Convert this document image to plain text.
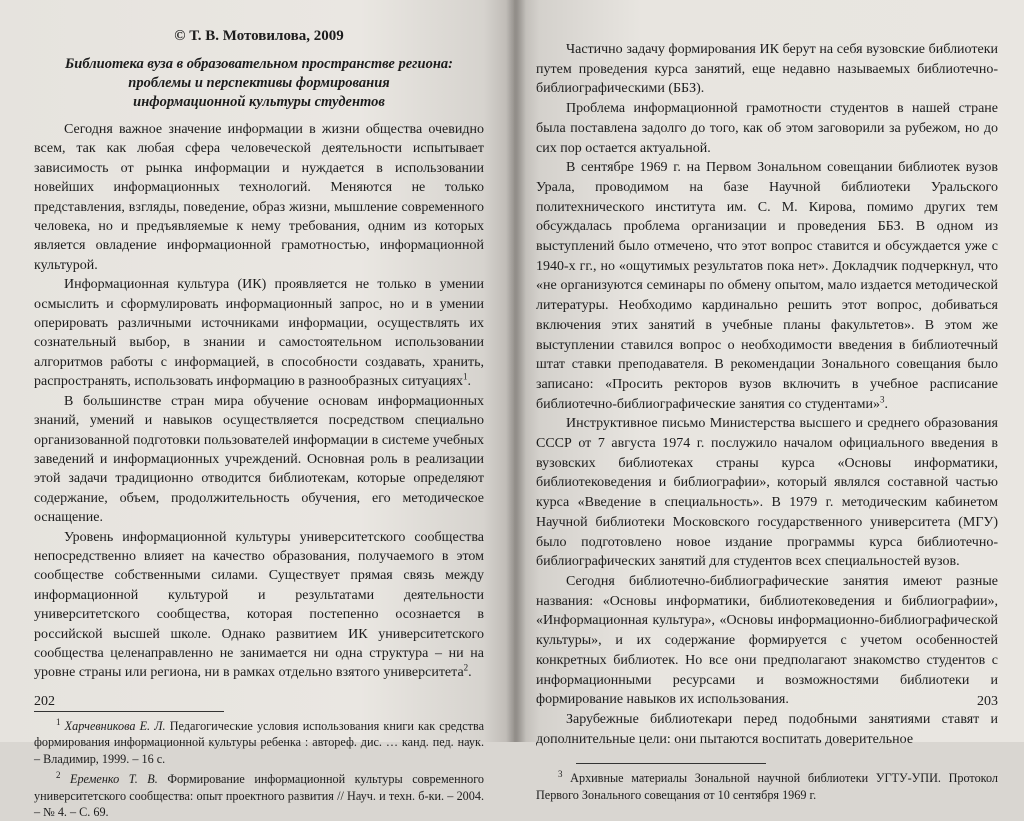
© Т. В. Мотовилова, 2009
Библиотека вуза в образовательном пространстве региона:
проблемы и перспективы формирования
информационной культуры студентов

Сегодня важное значение информации в жизни общества очевидно всем, так как любая сфера человеческой деятельности испытывает зависимость от рынка информации и нуждается в использовании новейших информационных технологий. Меняются не только представления, взгляды, поведение, образ жизни, мышление современного человека, но и предъявляемые к нему требования, одним из которых является овладение информационной грамотностью, информационной культурой.

Информационная культура (ИК) проявляется не только в умении осмыслить и сформулировать информационный запрос, но и в умении оперировать различными источниками информации, осуществлять их сознательный выбор, в знании и самостоятельном использовании алгоритмов работы с информацией, в способности создавать, хранить, распространять, использовать информацию в разнообразных ситуациях$^1$.

В большинстве стран мира обучение основам информационных знаний, умений и навыков осуществляется посредством специально организованной подготовки пользователей информации в системе учебных заведений и информационных учреждений. Основная роль в реализации этой задачи традиционно отводится библиотекам, которые определяют содержание, объем, продолжительность обучения, его методическое оснащение.

Уровень информационной культуры университетского сообщества непосредственно влияет на качество образования, получаемого в этом сообществе собственными силами. Существует прямая связь между информационной культурой и результатами деятельности университетского сообщества, которая постепенно осознается в российской высшей школе. Однако развитием ИК университетского сообщества целенаправленно не занимается ни одна структура – ни на уровне страны или региона, ни в рамках отдельно взятого университета$^2$.

$^1$ Харчевникова Е. Л. Педагогические условия использования книги как средства формирования информационной культуры ребенка : автореф. дис. … канд. пед. наук. – Владимир, 1999. – 16 с.
$^2$ Еременко Т. В. Формирование информационной культуры современного университетского сообщества: опыт проектного развития // Науч. и техн. б-ки. – 2004. – № 4. – С. 69.
202

Частично задачу формирования ИК берут на себя вузовские библиотеки путем проведения курса занятий, еще недавно называемых библиотечно-библиографическими (ББЗ).

Проблема информационной грамотности студентов в нашей стране была поставлена задолго до того, как об этом заговорили за рубежом, но до сих пор остается актуальной.

В сентябре 1969 г. на Первом Зональном совещании библиотек вузов Урала, проводимом на базе Научной библиотеки Уральского политехнического института им. С. М. Кирова, помимо других тем обсуждалась проблема организации и проведения ББЗ. В одном из выступлений было отмечено, что этот вопрос ставится и обсуждается уже с 1940-х гг., но «ощутимых результатов пока нет». Докладчик подчеркнул, что «не организуются семинары по обмену опытом, мало издается методической литературы. Необходимо кардинально решить этот вопрос, добиваться включения этих занятий в учебные планы факультетов». В этом же выступлении ставился вопрос о необходимости введения в библиотечный штат ставки преподавателя. В рекомендации Зонального совещания было записано: «Просить ректоров вузов включить в учебное расписание библиотечно-библиографические занятия со студентами»$^3$.

Инструктивное письмо Министерства высшего и среднего образования СССР от 7 августа 1974 г. послужило началом официального введения в вузовских библиотеках страны курса «Основы информатики, библиотековедения и библиографии», который являлся составной частью курса «Введение в специальность». В 1979 г. методическим кабинетом Научной библиотеки Московского государственного университета (МГУ) было подготовлено новое издание программы курса библиотечно-библиографических занятий для студентов всех специальностей вузов.

Сегодня библиотечно-библиографические занятия имеют разные названия: «Основы информатики, библиотековедения и библиографии», «Информационная культура», «Основы информационно-библиографической культуры», и их содержание формируется с учетом особенностей конкретных библиотек. Но все они предполагают знакомство студентов с информационными ресурсами и возможностями библиотеки и формирование навыков их использования.

Зарубежные библиотекари перед подобными занятиями ставят и дополнительные цели: они пытаются воспитать доверительное

$^3$ Архивные материалы Зональной научной библиотеки УГТУ-УПИ. Протокол Первого Зонального совещания от 10 сентября 1969 г.
203
